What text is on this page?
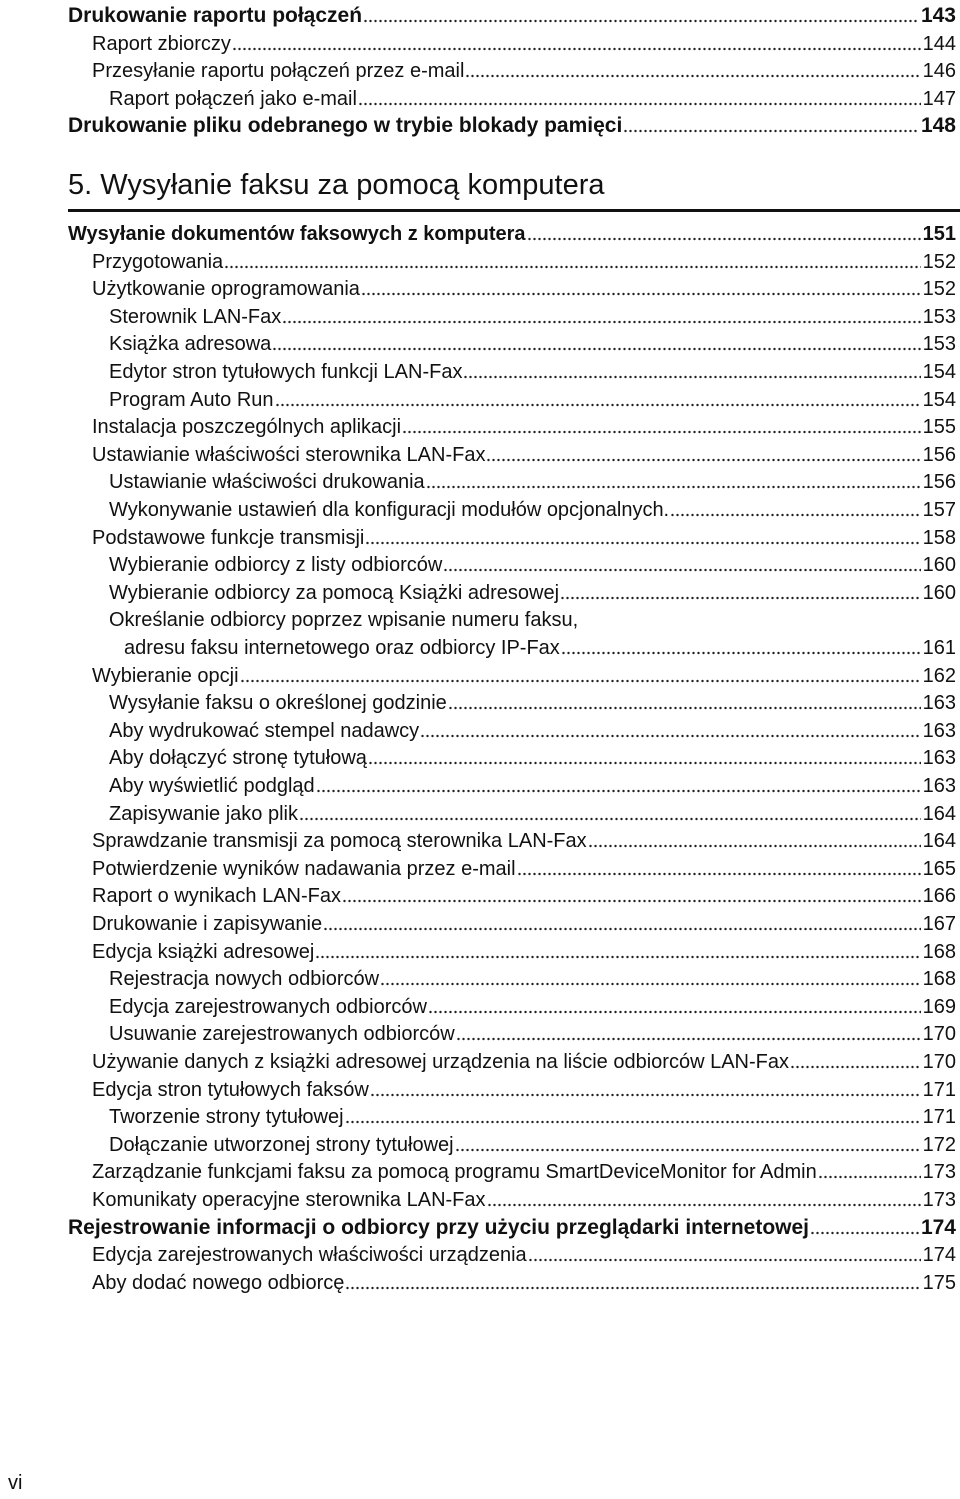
Drukowanie raportu połączeń	143
Raport zbiorczy	144
Przesyłanie raportu połączeń przez e-mail	146
Raport połączeń jako e-mail	147
Drukowanie pliku odebranego w trybie blokady pamięci	148
5. Wysyłanie faksu za pomocą komputera
Wysyłanie dokumentów faksowych z komputera	151
Przygotowania	152
Użytkowanie oprogramowania	152
Sterownik LAN-Fax	153
Książka adresowa	153
Edytor stron tytułowych funkcji LAN-Fax	154
Program Auto Run	154
Instalacja poszczególnych aplikacji	155
Ustawianie właściwości sterownika LAN-Fax	156
Ustawianie właściwości drukowania	156
Wykonywanie ustawień dla konfiguracji modułów opcjonalnych.	157
Podstawowe funkcje transmisji	158
Wybieranie odbiorcy z listy odbiorców	160
Wybieranie odbiorcy za pomocą Książki adresowej	160
Określanie odbiorcy poprzez wpisanie numeru faksu,
adresu faksu internetowego oraz odbiorcy IP-Fax	161
Wybieranie opcji	162
Wysyłanie faksu o określonej godzinie	163
Aby wydrukować stempel nadawcy	163
Aby dołączyć stronę tytułową	163
Aby wyświetlić podgląd	163
Zapisywanie jako plik	164
Sprawdzanie transmisji za pomocą sterownika LAN-Fax	164
Potwierdzenie wyników nadawania przez e-mail	165
Raport o wynikach LAN-Fax	166
Drukowanie i zapisywanie	167
Edycja książki adresowej	168
Rejestracja nowych odbiorców	168
Edycja zarejestrowanych odbiorców	169
Usuwanie zarejestrowanych odbiorców	170
Używanie danych z książki adresowej urządzenia na liście odbiorców LAN-Fax	170
Edycja stron tytułowych faksów	171
Tworzenie strony tytułowej	171
Dołączanie utworzonej strony tytułowej	172
Zarządzanie funkcjami faksu za pomocą programu SmartDeviceMonitor for Admin	173
Komunikaty operacyjne sterownika LAN-Fax	173
Rejestrowanie informacji o odbiorcy przy użyciu przeglądarki internetowej	174
Edycja zarejestrowanych właściwości urządzenia	174
Aby dodać nowego odbiorcę	175
vi
